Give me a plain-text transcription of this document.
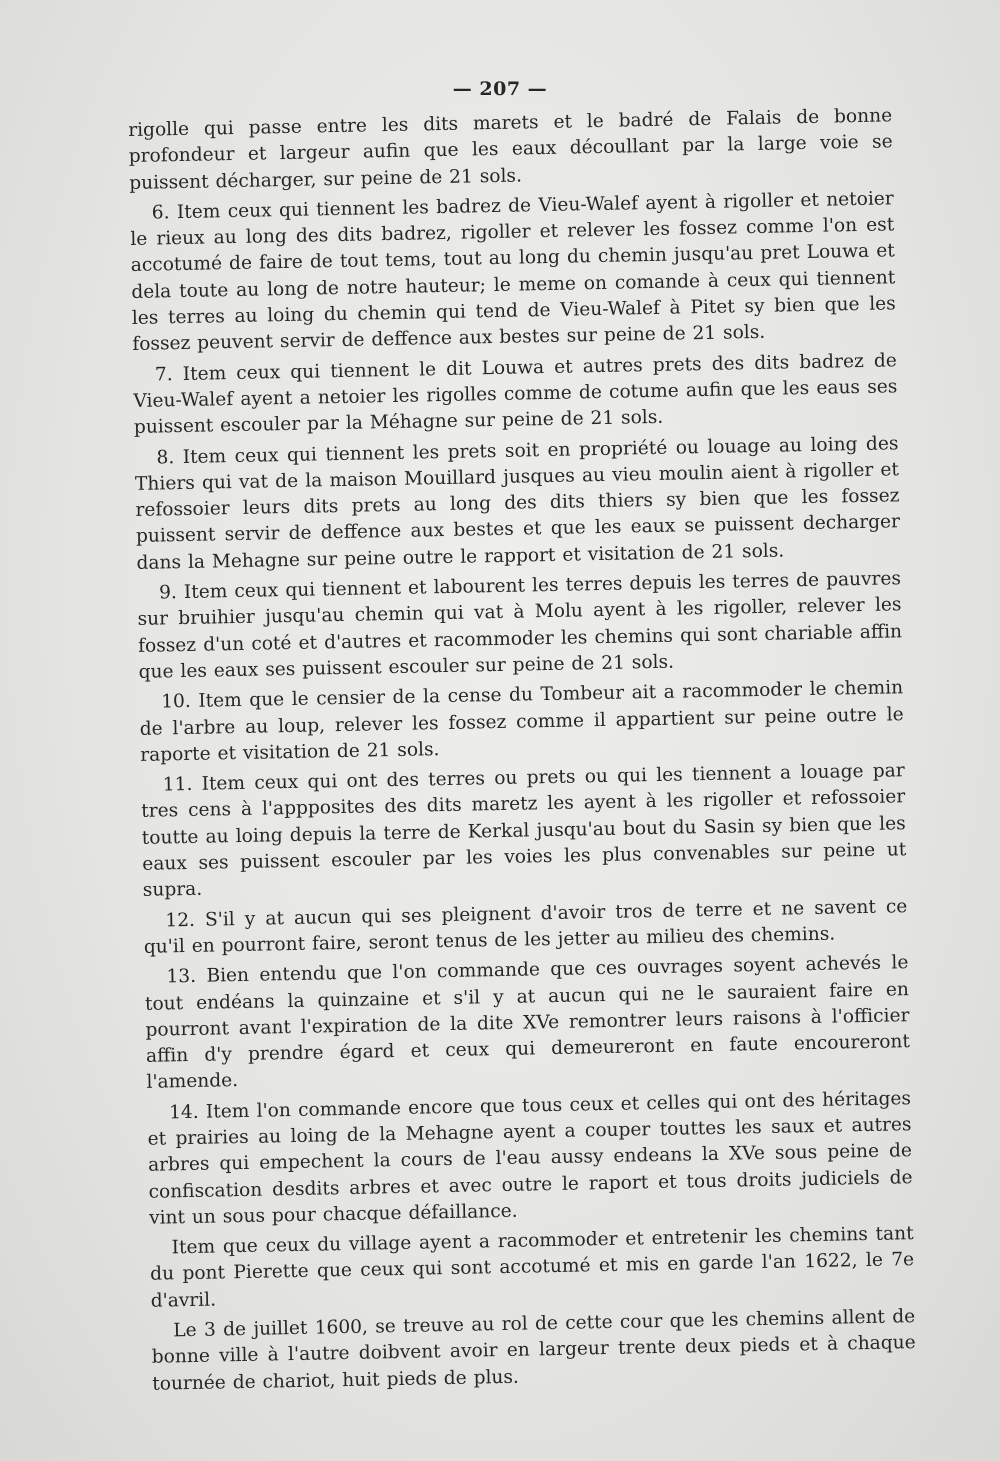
— 207 —

rigolle qui passe entre les dits marets et le badré de Falais de bonne profondeur et largeur aufin que les eaux découllant par la large voie se puissent décharger, sur peine de 21 sols.

6. Item ceux qui tiennent les badrez de Vieu-Walef ayent à rigoller et netoier le rieux au long des dits badrez, rigoller et relever les fossez comme l'on est accotumé de faire de tout tems, tout au long du chemin jusqu'au pret Louwa et dela toute au long de notre hauteur; le meme on comande à ceux qui tiennent les terres au loing du chemin qui tend de Vieu-Walef à Pitet sy bien que les fossez peuvent servir de deffence aux bestes sur peine de 21 sols.

7. Item ceux qui tiennent le dit Louwa et autres prets des dits badrez de Vieu-Walef ayent a netoier les rigolles comme de cotume aufin que les eaus ses puissent escouler par la Méhagne sur peine de 21 sols.

8. Item ceux qui tiennent les prets soit en propriété ou louage au loing des Thiers qui vat de la maison Mouillard jusques au vieu moulin aient à rigoller et refossoier leurs dits prets au long des dits thiers sy bien que les fossez puissent servir de deffence aux bestes et que les eaux se puissent decharger dans la Mehagne sur peine outre le rapport et visitation de 21 sols.

9. Item ceux qui tiennent et labourent les terres depuis les terres de pauvres sur bruihier jusqu'au chemin qui vat à Molu ayent à les rigoller, relever les fossez d'un coté et d'autres et racommoder les chemins qui sont chariable affin que les eaux ses puissent escouler sur peine de 21 sols.

10. Item que le censier de la cense du Tombeur ait a racommoder le chemin de l'arbre au loup, relever les fossez comme il appartient sur peine outre le raporte et visitation de 21 sols.

11. Item ceux qui ont des terres ou prets ou qui les tiennent a louage par tres cens à l'appposites des dits maretz les ayent à les rigoller et refossoier toutte au loing depuis la terre de Kerkal jusqu'au bout du Sasin sy bien que les eaux ses puissent escouler par les voies les plus convenables sur peine ut supra.

12. S'il y at aucun qui ses pleignent d'avoir tros de terre et ne savent ce qu'il en pourront faire, seront tenus de les jetter au milieu des chemins.

13. Bien entendu que l'on commande que ces ouvrages soyent achevés le tout endéans la quinzaine et s'il y at aucun qui ne le sauraient faire en pourront avant l'expiration de la dite XVe remontrer leurs raisons à l'officier affin d'y prendre égard et ceux qui demeureront en faute encoureront l'amende.

14. Item l'on commande encore que tous ceux et celles qui ont des héritages et prairies au loing de la Mehagne ayent a couper touttes les saux et autres arbres qui empechent la cours de l'eau aussy endeans la XVe sous peine de confiscation desdits arbres et avec outre le raport et tous droits judiciels de vint un sous pour chacque défaillance.

Item que ceux du village ayent a racommoder et entretenir les chemins tant du pont Pierette que ceux qui sont accotumé et mis en garde l'an 1622, le 7e d'avril.

Le 3 de juillet 1600, se treuve au rol de cette cour que les chemins allent de bonne ville à l'autre doibvent avoir en largeur trente deux pieds et à chaque tournée de chariot, huit pieds de plus.
